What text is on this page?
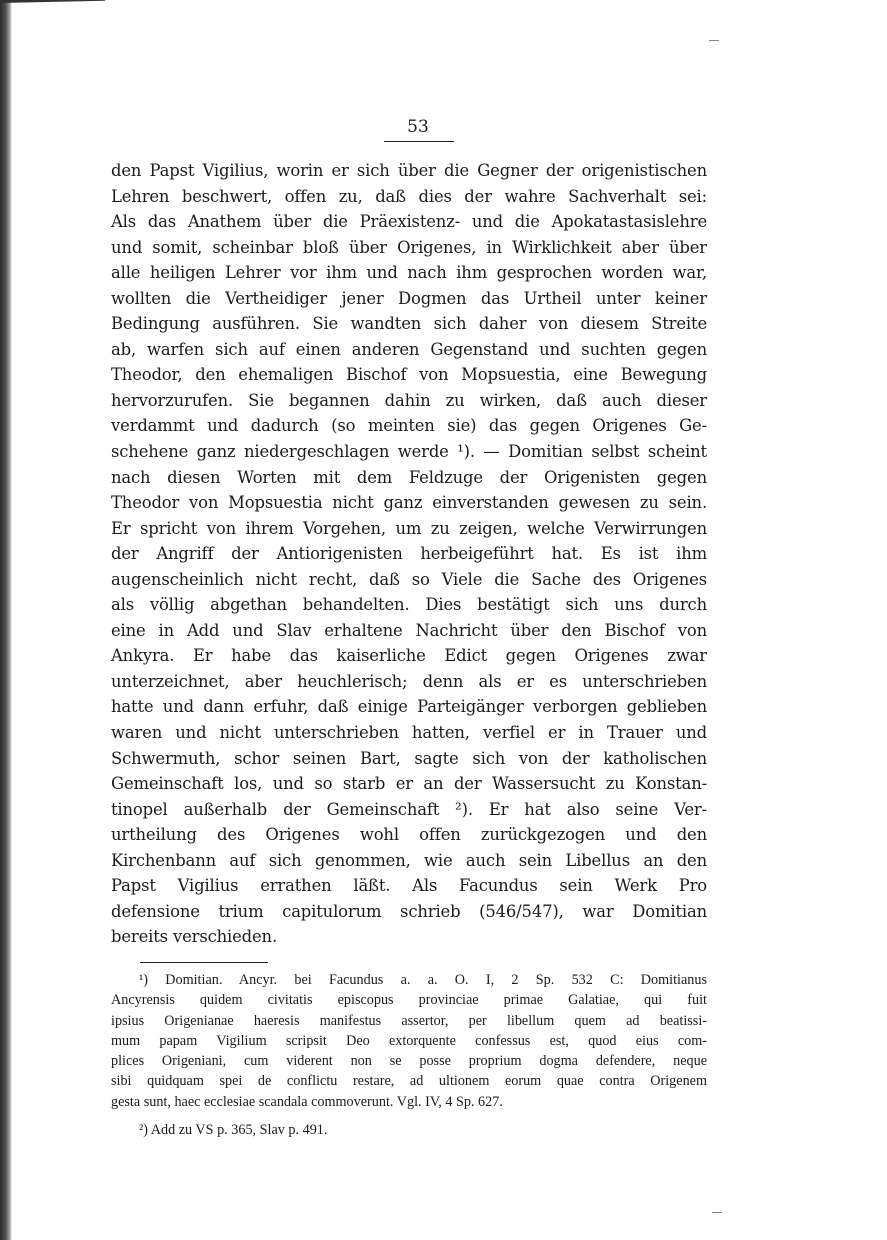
53
den Papst Vigilius, worin er sich über die Gegner der origenistischen
Lehren beschwert, offen zu, daß dies der wahre Sachverhalt sei:
Als das Anathem über die Präexistenz- und die Apokatastasislehre
und somit, scheinbar bloß über Origenes, in Wirklichkeit aber über
alle heiligen Lehrer vor ihm und nach ihm gesprochen worden war,
wollten die Vertheidiger jener Dogmen das Urtheil unter keiner
Bedingung ausführen. Sie wandten sich daher von diesem Streite
ab, warfen sich auf einen anderen Gegenstand und suchten gegen
Theodor, den ehemaligen Bischof von Mopsuestia, eine Bewegung
hervorzurufen. Sie begannen dahin zu wirken, daß auch dieser
verdammt und dadurch (so meinten sie) das gegen Origenes Ge-
schehene ganz niedergeschlagen werde ¹). — Domitian selbst scheint
nach diesen Worten mit dem Feldzuge der Origenisten gegen
Theodor von Mopsuestia nicht ganz einverstanden gewesen zu sein.
Er spricht von ihrem Vorgehen, um zu zeigen, welche Verwirrungen
der Angriff der Antiorigenisten herbeigeführt hat. Es ist ihm
augenscheinlich nicht recht, daß so Viele die Sache des Origenes
als völlig abgethan behandelten. Dies bestätigt sich uns durch
eine in Add und Slav erhaltene Nachricht über den Bischof von
Ankyra. Er habe das kaiserliche Edict gegen Origenes zwar
unterzeichnet, aber heuchlerisch; denn als er es unterschrieben
hatte und dann erfuhr, daß einige Parteigänger verborgen geblieben
waren und nicht unterschrieben hatten, verfiel er in Trauer und
Schwermuth, schor seinen Bart, sagte sich von der katholischen
Gemeinschaft los, und so starb er an der Wassersucht zu Konstan-
tinopel außerhalb der Gemeinschaft ²). Er hat also seine Ver-
urtheilung des Origenes wohl offen zurückgezogen und den
Kirchenbann auf sich genommen, wie auch sein Libellus an den
Papst Vigilius errathen läßt. Als Facundus sein Werk Pro
defensione trium capitulorum schrieb (546/547), war Domitian
bereits verschieden.
¹) Domitian. Ancyr. bei Facundus a. a. O. I, 2 Sp. 532 C: Domitianus
Ancyrensis quidem civitatis episcopus provinciae primae Galatiae, qui fuit
ipsius Origenianae haeresis manifestus assertor, per libellum quem ad beatissi-
mum papam Vigilium scripsit Deo extorquente confessus est, quod eius com-
plices Origeniani, cum viderent non se posse proprium dogma defendere, neque
sibi quidquam spei de conflictu restare, ad ultionem eorum quae contra Origenem
gesta sunt, haec ecclesiae scandala commoverunt. Vgl. IV, 4 Sp. 627.
²) Add zu VS p. 365, Slav p. 491.
